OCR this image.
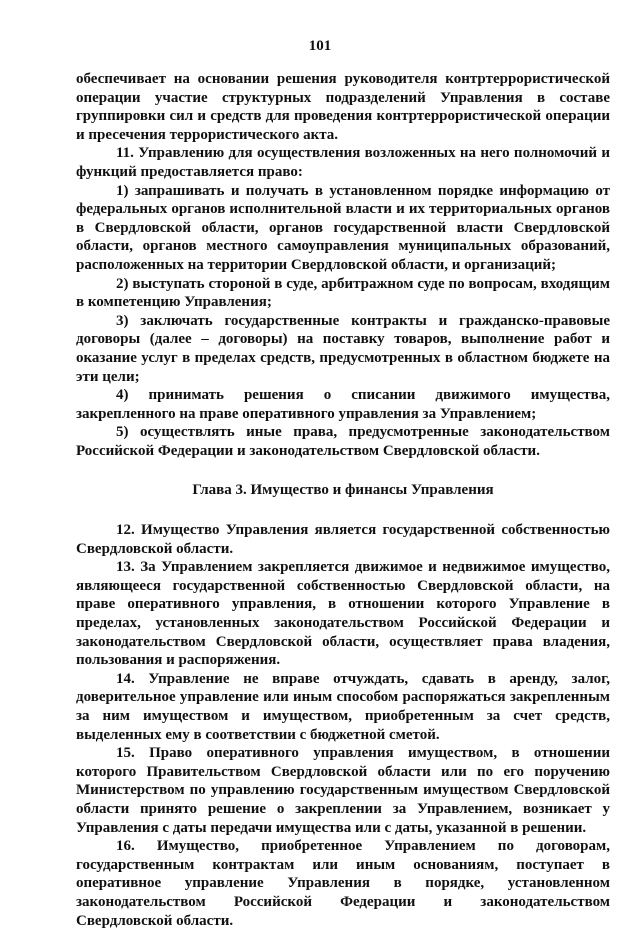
101

обеспечивает на основании решения руководителя контртеррористической операции участие структурных подразделений Управления в составе группировки сил и средств для проведения контртеррористической операции и пресечения террористического акта.

11. Управлению для осуществления возложенных на него полномочий и функций предоставляется право:

1) запрашивать и получать в установленном порядке информацию от федеральных органов исполнительной власти и их территориальных органов в Свердловской области, органов государственной власти Свердловской области, органов местного самоуправления муниципальных образований, расположенных на территории Свердловской области, и организаций;

2) выступать стороной в суде, арбитражном суде по вопросам, входящим в компетенцию Управления;

3) заключать государственные контракты и гражданско-правовые договоры (далее – договоры) на поставку товаров, выполнение работ и оказание услуг в пределах средств, предусмотренных в областном бюджете на эти цели;

4) принимать решения о списании движимого имущества, закрепленного на праве оперативного управления за Управлением;

5) осуществлять иные права, предусмотренные законодательством Российской Федерации и законодательством Свердловской области.

Глава 3. Имущество и финансы Управления

12. Имущество Управления является государственной собственностью Свердловской области.

13. За Управлением закрепляется движимое и недвижимое имущество, являющееся государственной собственностью Свердловской области, на праве оперативного управления, в отношении которого Управление в пределах, установленных законодательством Российской Федерации и законодательством Свердловской области, осуществляет права владения, пользования и распоряжения.

14. Управление не вправе отчуждать, сдавать в аренду, залог, доверительное управление или иным способом распоряжаться закрепленным за ним имуществом и имуществом, приобретенным за счет средств, выделенных ему в соответствии с бюджетной сметой.

15. Право оперативного управления имуществом, в отношении которого Правительством Свердловской области или по его поручению Министерством по управлению государственным имуществом Свердловской области принято решение о закреплении за Управлением, возникает у Управления с даты передачи имущества или с даты, указанной в решении.

16. Имущество, приобретенное Управлением по договорам, государственным контрактам или иным основаниям, поступает в оперативное управление Управления в порядке, установленном законодательством Российской Федерации и законодательством Свердловской области.
